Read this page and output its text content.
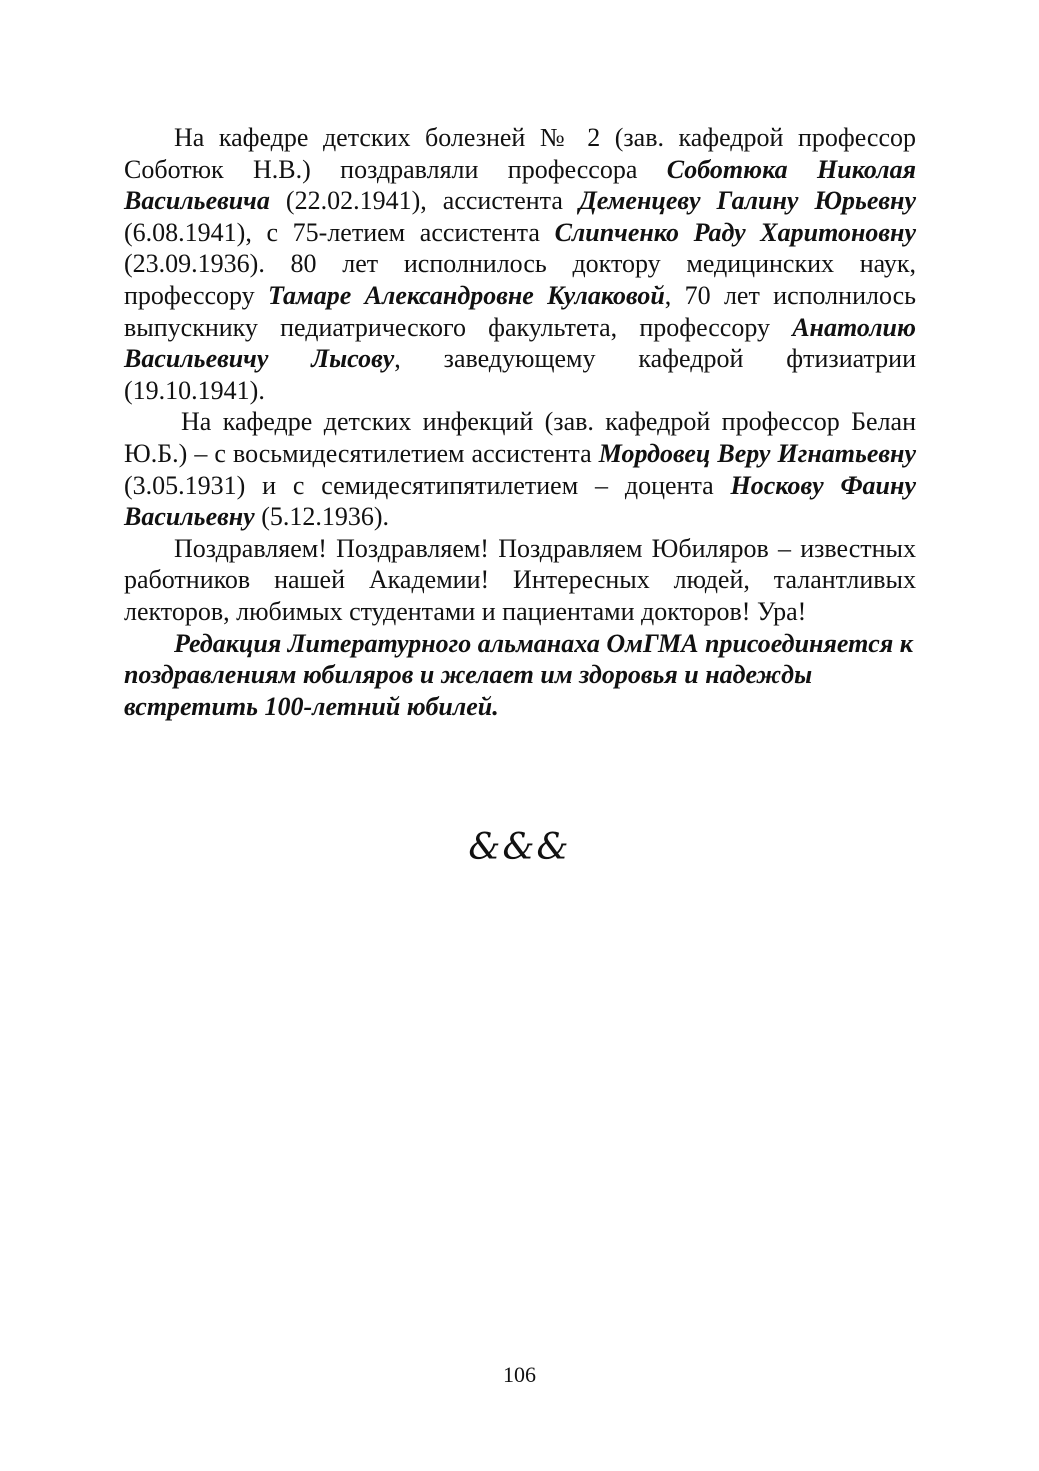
На кафедре детских болезней № 2 (зав. кафедрой профессор Соботюк Н.В.) поздравляли профессора Соботюка Николая Васильевича (22.02.1941), ассистента Деменцеву Галину Юрьевну (6.08.1941), с 75-летием ассистента Слипченко Раду Харитоновну (23.09.1936). 80 лет исполнилось доктору медицинских наук, профессору Тамаре Александровне Кулаковой, 70 лет исполнилось выпускнику педиатрического факультета, профессору Анатолию Васильевичу Лысову, заведующему кафедрой фтизиатрии (19.10.1941).

На кафедре детских инфекций (зав. кафедрой профессор Белан Ю.Б.) – с восьмидесятилетием ассистента Мордовец Веру Игнатьевну (3.05.1931) и с семидесятипятилетием – доцента Носкову Фаину Васильевну (5.12.1936).

Поздравляем! Поздравляем! Поздравляем Юбиляров – известных работников нашей Академии! Интересных людей, талантливых лекторов, любимых студентами и пациентами докторов! Ура!

Редакция Литературного альманаха ОмГМА присоединяется к поздравлениям юбиляров и желает им здоровья и надежды встретить 100-летний юбилей.

&&&
106
